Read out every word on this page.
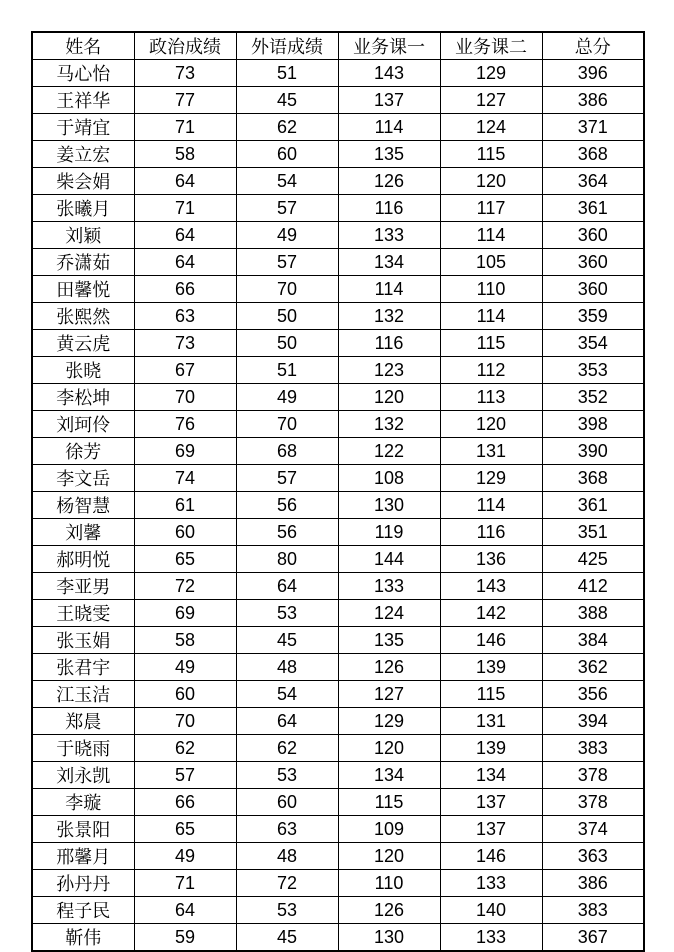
姓名	政治成绩	外语成绩	业务课一	业务课二	总分
马心怡	73	51	143	129	396
王祥华	77	45	137	127	386
于靖宜	71	62	114	124	371
姜立宏	58	60	135	115	368
柴会娟	64	54	126	120	364
张曦月	71	57	116	117	361
刘颖	64	49	133	114	360
乔潇茹	64	57	134	105	360
田馨悦	66	70	114	110	360
张熙然	63	50	132	114	359
黄云虎	73	50	116	115	354
张晓	67	51	123	112	353
李松坤	70	49	120	113	352
刘珂伶	76	70	132	120	398
徐芳	69	68	122	131	390
李文岳	74	57	108	129	368
杨智慧	61	56	130	114	361
刘馨	60	56	119	116	351
郝明悦	65	80	144	136	425
李亚男	72	64	133	143	412
王晓雯	69	53	124	142	388
张玉娟	58	45	135	146	384
张君宇	49	48	126	139	362
江玉洁	60	54	127	115	356
郑晨	70	64	129	131	394
于晓雨	62	62	120	139	383
刘永凯	57	53	134	134	378
李璇	66	60	115	137	378
张景阳	65	63	109	137	374
邢馨月	49	48	120	146	363
孙丹丹	71	72	110	133	386
程子民	64	53	126	140	383
靳伟	59	45	130	133	367
